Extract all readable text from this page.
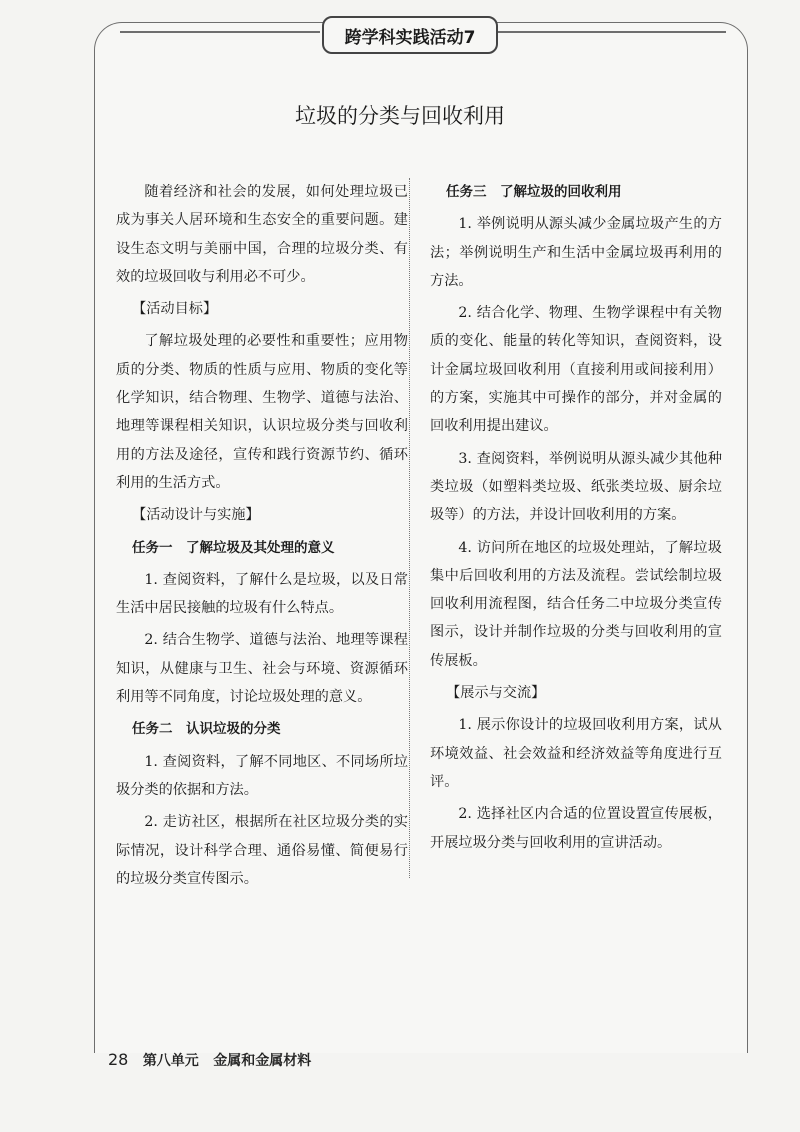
跨学科实践活动7
垃圾的分类与回收利用

随着经济和社会的发展，如何处理垃圾已成为事关人居环境和生态安全的重要问题。建设生态文明与美丽中国，合理的垃圾分类、有效的垃圾回收与利用必不可少。

【活动目标】

了解垃圾处理的必要性和重要性；应用物质的分类、物质的性质与应用、物质的变化等化学知识，结合物理、生物学、道德与法治、地理等课程相关知识，认识垃圾分类与回收利用的方法及途径，宣传和践行资源节约、循环利用的生活方式。

【活动设计与实施】

任务一　了解垃圾及其处理的意义

1. 查阅资料，了解什么是垃圾，以及日常生活中居民接触的垃圾有什么特点。

2. 结合生物学、道德与法治、地理等课程知识，从健康与卫生、社会与环境、资源循环利用等不同角度，讨论垃圾处理的意义。

任务二　认识垃圾的分类

1. 查阅资料，了解不同地区、不同场所垃圾分类的依据和方法。

2. 走访社区，根据所在社区垃圾分类的实际情况，设计科学合理、通俗易懂、简便易行的垃圾分类宣传图示。

任务三　了解垃圾的回收利用

1. 举例说明从源头减少金属垃圾产生的方法；举例说明生产和生活中金属垃圾再利用的方法。

2. 结合化学、物理、生物学课程中有关物质的变化、能量的转化等知识，查阅资料，设计金属垃圾回收利用（直接利用或间接利用）的方案，实施其中可操作的部分，并对金属的回收利用提出建议。

3. 查阅资料，举例说明从源头减少其他种类垃圾（如塑料类垃圾、纸张类垃圾、厨余垃圾等）的方法，并设计回收利用的方案。

4. 访问所在地区的垃圾处理站，了解垃圾集中后回收利用的方法及流程。尝试绘制垃圾回收利用流程图，结合任务二中垃圾分类宣传图示，设计并制作垃圾的分类与回收利用的宣传展板。

【展示与交流】

1. 展示你设计的垃圾回收利用方案，试从环境效益、社会效益和经济效益等角度进行互评。

2. 选择社区内合适的位置设置宣传展板，开展垃圾分类与回收利用的宣讲活动。

28 第八单元 金属和金属材料
